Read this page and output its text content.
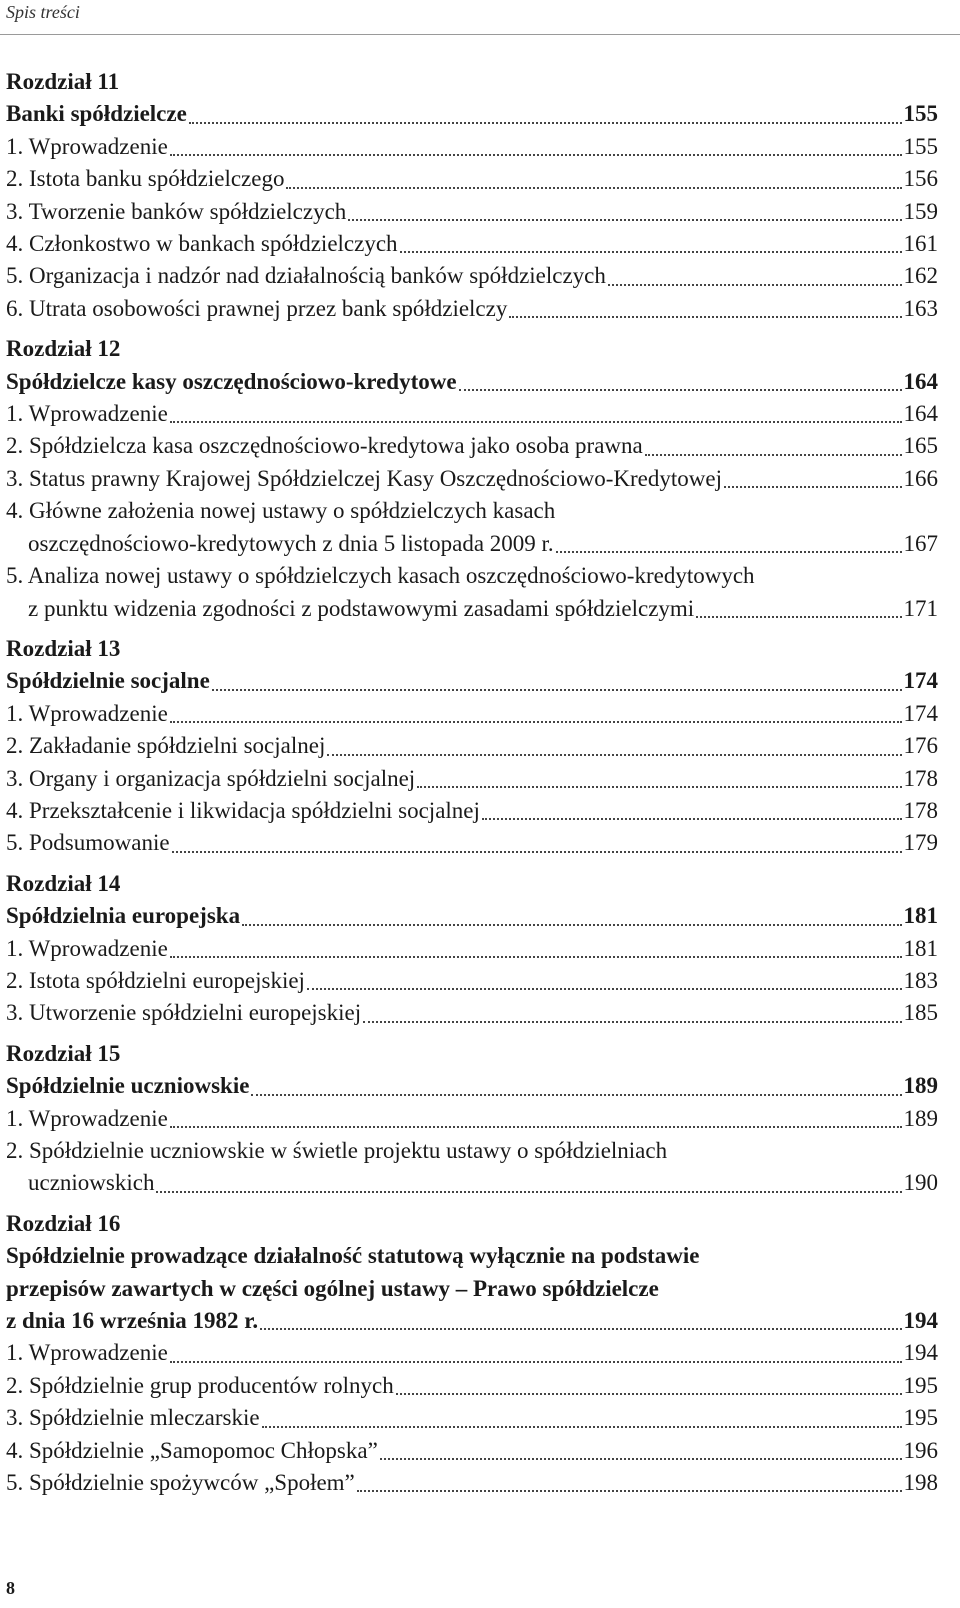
Spis treści
Rozdział 11
Banki spółdzielcze	155
1. Wprowadzenie	155
2. Istota banku spółdzielczego	156
3. Tworzenie banków spółdzielczych	159
4. Członkostwo w bankach spółdzielczych	161
5. Organizacja i nadzór nad działalnością banków spółdzielczych	162
6. Utrata osobowości prawnej przez bank spółdzielczy	163
Rozdział 12
Spółdzielcze kasy oszczędnościowo-kredytowe	164
1. Wprowadzenie	164
2. Spółdzielcza kasa oszczędnościowo-kredytowa jako osoba prawna	165
3. Status prawny Krajowej Spółdzielczej Kasy Oszczędnościowo-Kredytowej	166
4. Główne założenia nowej ustawy o spółdzielczych kasach
oszczędnościowo-kredytowych z dnia 5 listopada 2009 r.	167
5. Analiza nowej ustawy o spółdzielczych kasach oszczędnościowo-kredytowych
z punktu widzenia zgodności z podstawowymi zasadami spółdzielczymi	171
Rozdział 13
Spółdzielnie socjalne	174
1. Wprowadzenie	174
2. Zakładanie spółdzielni socjalnej	176
3. Organy i organizacja spółdzielni socjalnej	178
4. Przekształcenie i likwidacja spółdzielni socjalnej	178
5. Podsumowanie	179
Rozdział 14
Spółdzielnia europejska	181
1. Wprowadzenie	181
2. Istota spółdzielni europejskiej	183
3. Utworzenie spółdzielni europejskiej	185
Rozdział 15
Spółdzielnie uczniowskie	189
1. Wprowadzenie	189
2. Spółdzielnie uczniowskie w świetle projektu ustawy o spółdzielniach
uczniowskich	190
Rozdział 16
Spółdzielnie prowadzące działalność statutową wyłącznie na podstawie
przepisów zawartych w części ogólnej ustawy – Prawo spółdzielcze
z dnia 16 września 1982 r.	194
1. Wprowadzenie	194
2. Spółdzielnie grup producentów rolnych	195
3. Spółdzielnie mleczarskie	195
4. Spółdzielnie „Samopomoc Chłopska”	196
5. Spółdzielnie spożywców „Społem”	198
8
